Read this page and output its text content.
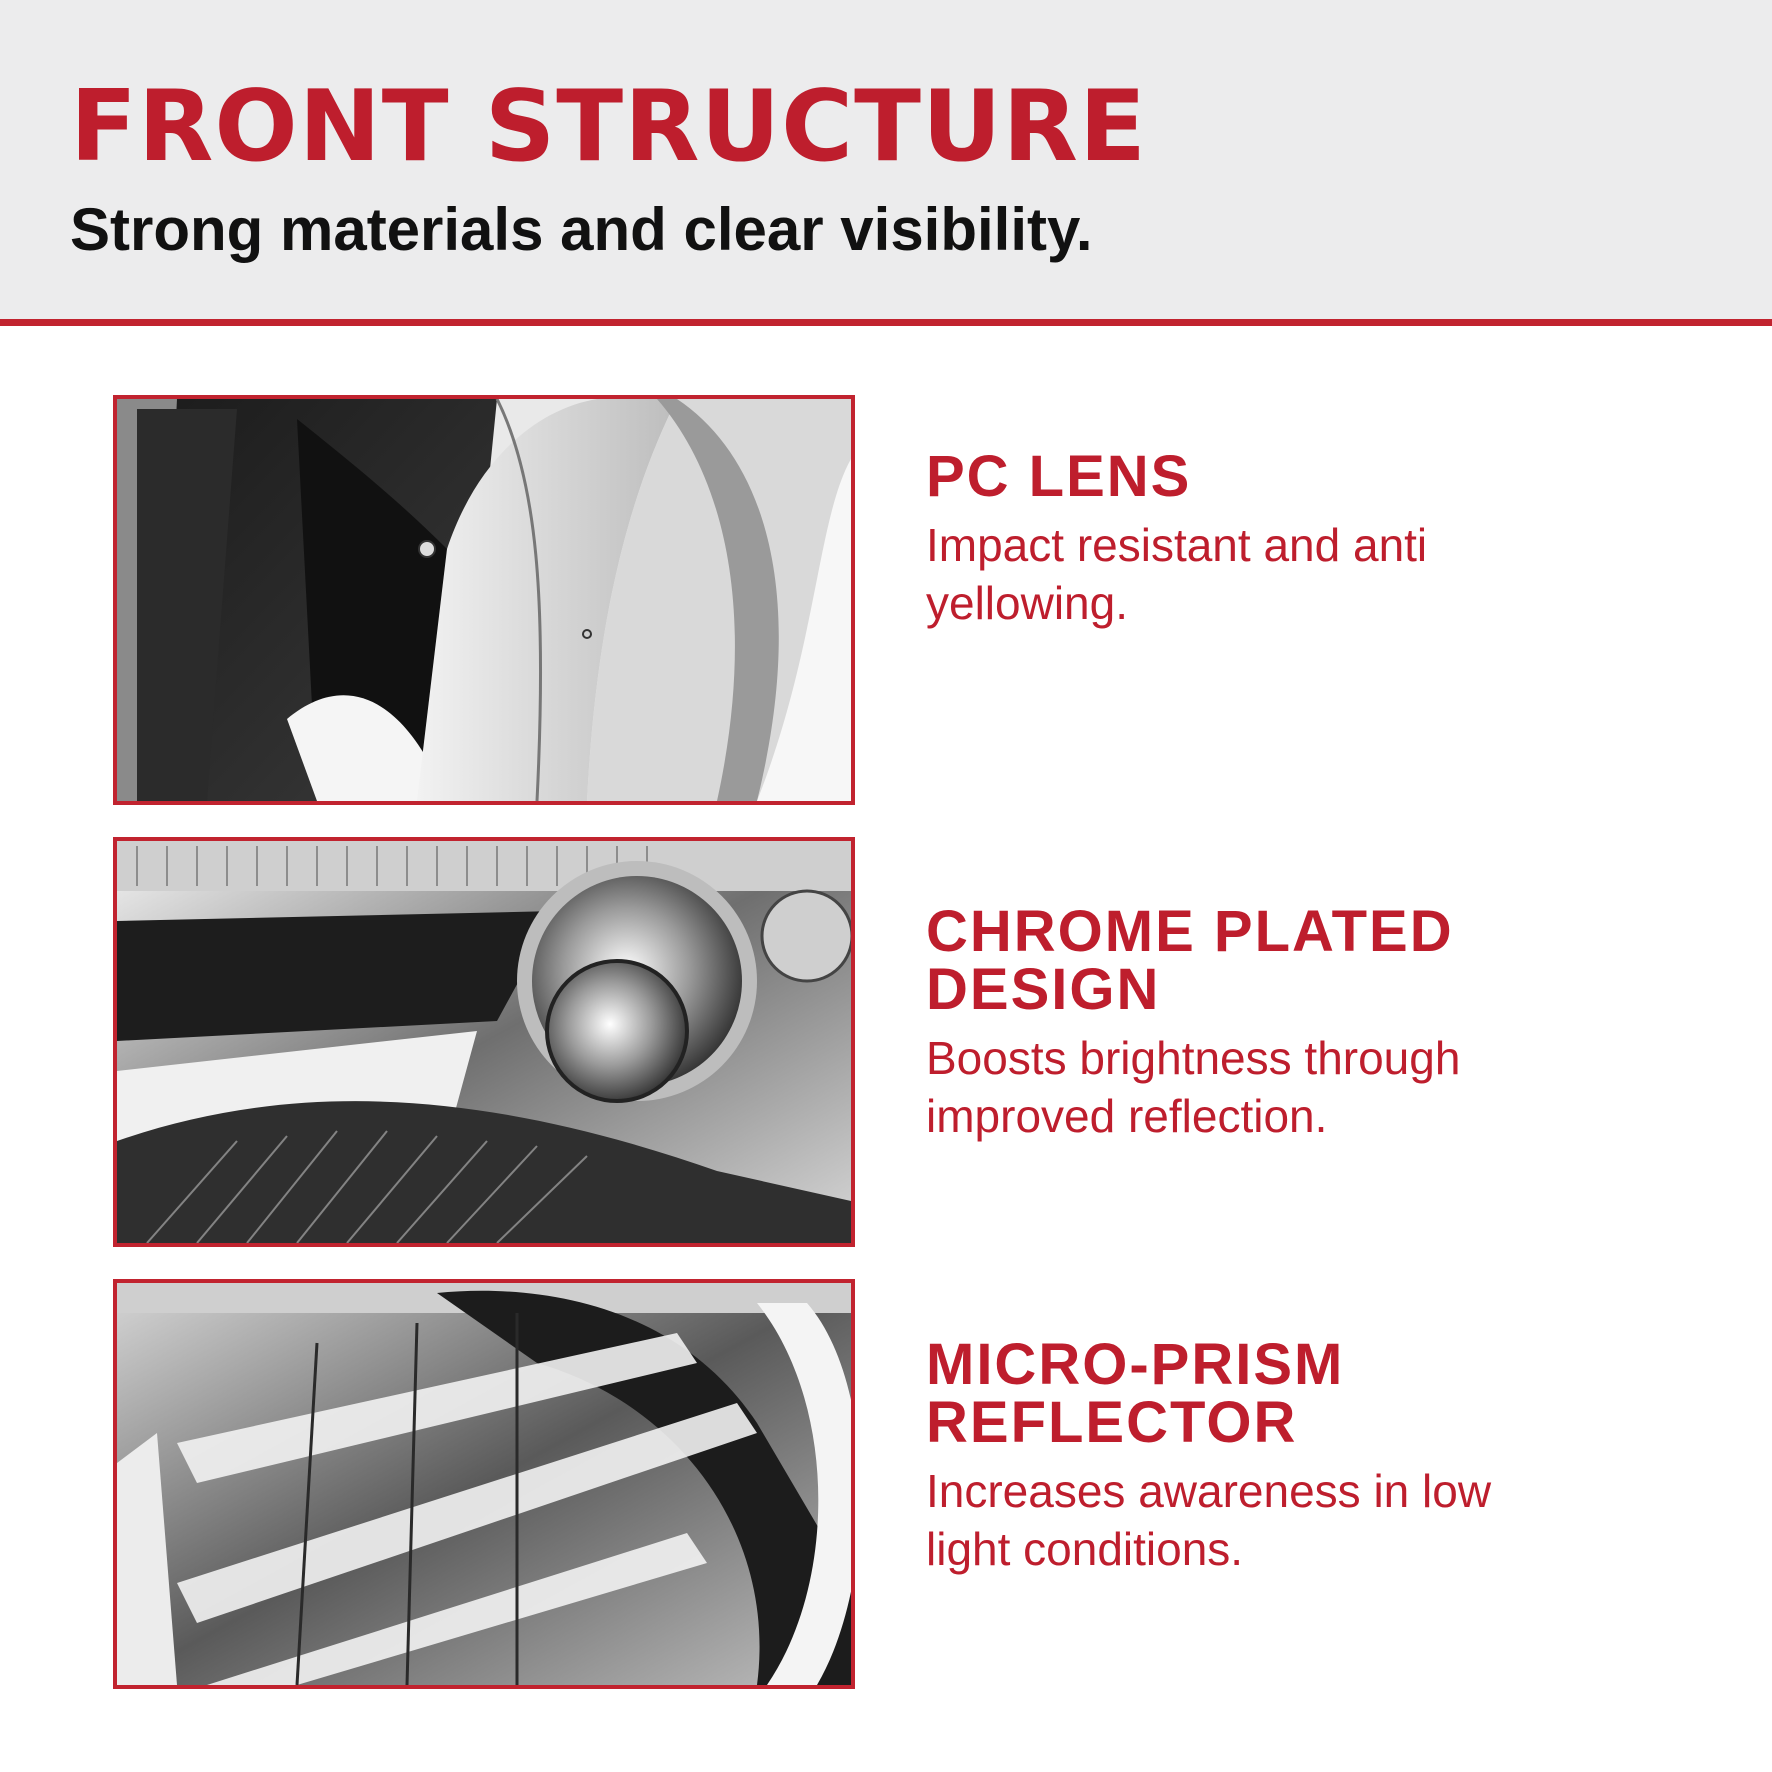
FRONT STRUCTURE

Strong materials and clear visibility.

PC LENS

Impact resistant and anti yellowing.

CHROME PLATED DESIGN

Boosts brightness through improved reflection.

MICRO-PRISM REFLECTOR

Increases awareness in low light conditions.
